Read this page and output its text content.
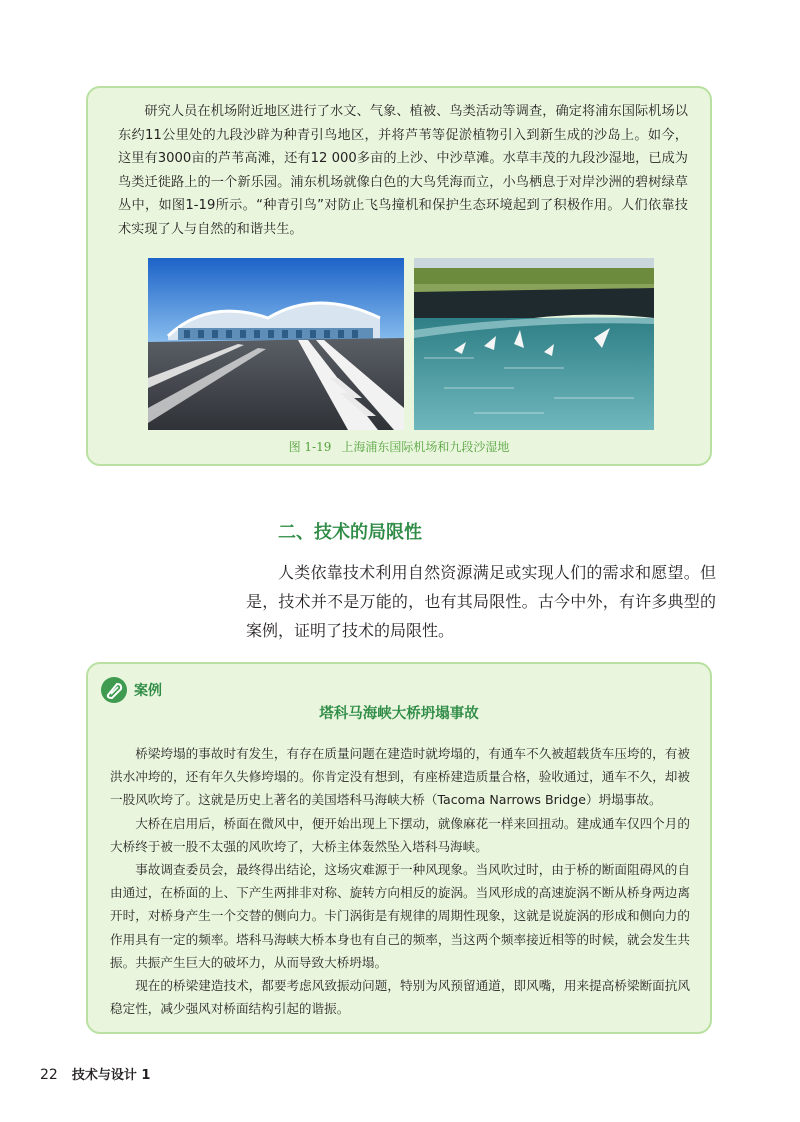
研究人员在机场附近地区进行了水文、气象、植被、鸟类活动等调查，确定将浦东国际机场以东约11公里处的九段沙辟为种青引鸟地区，并将芦苇等促淤植物引入到新生成的沙岛上。如今，这里有3000亩的芦苇高滩，还有12 000多亩的上沙、中沙草滩。水草丰茂的九段沙湿地，已成为鸟类迁徙路上的一个新乐园。浦东机场就像白色的大鸟凭海而立，小鸟栖息于对岸沙洲的碧树绿草丛中，如图1-19所示。“种青引鸟”对防止飞鸟撞机和保护生态环境起到了积极作用。人们依靠技术实现了人与自然的和谐共生。

图 1-19 上海浦东国际机场和九段沙湿地
二、技术的局限性

人类依靠技术利用自然资源满足或实现人们的需求和愿望。但是，技术并不是万能的，也有其局限性。古今中外，有许多典型的案例，证明了技术的局限性。

案例
塔科马海峡大桥坍塌事故

桥梁垮塌的事故时有发生，有存在质量问题在建造时就垮塌的，有通车不久被超载货车压垮的，有被洪水冲垮的，还有年久失修垮塌的。你肯定没有想到，有座桥建造质量合格，验收通过，通车不久，却被一股风吹垮了。这就是历史上著名的美国塔科马海峡大桥（Tacoma Narrows Bridge）坍塌事故。

大桥在启用后，桥面在微风中，便开始出现上下摆动，就像麻花一样来回扭动。建成通车仅四个月的大桥终于被一股不太强的风吹垮了，大桥主体轰然坠入塔科马海峡。

事故调查委员会，最终得出结论，这场灾难源于一种风现象。当风吹过时，由于桥的断面阻碍风的自由通过，在桥面的上、下产生两排非对称、旋转方向相反的旋涡。当风形成的高速旋涡不断从桥身两边离开时，对桥身产生一个交替的侧向力。卡门涡街是有规律的周期性现象，这就是说旋涡的形成和侧向力的作用具有一定的频率。塔科马海峡大桥本身也有自己的频率，当这两个频率接近相等的时候，就会发生共振。共振产生巨大的破坏力，从而导致大桥坍塌。

现在的桥梁建造技术，都要考虑风致振动问题，特别为风预留通道，即风嘴，用来提高桥梁断面抗风稳定性，减少强风对桥面结构引起的谐振。

22 技术与设计 1
